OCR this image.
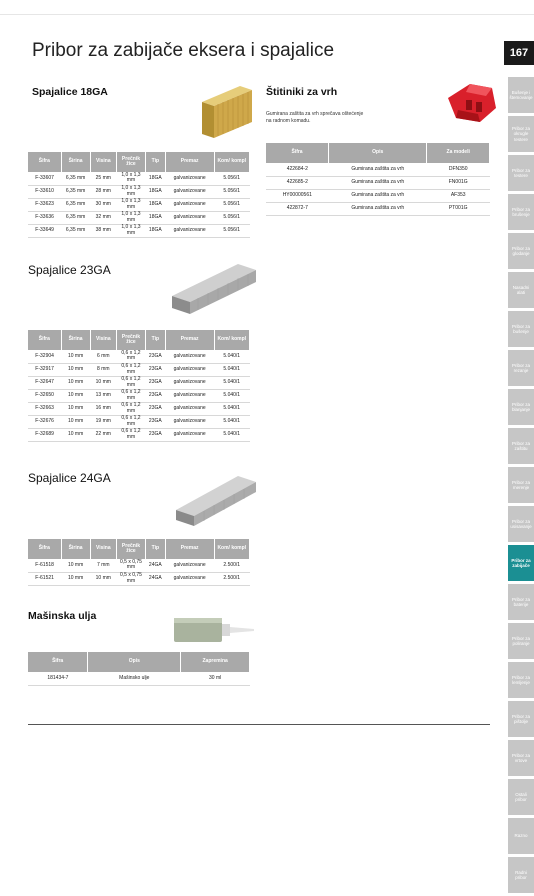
Pribor za zabijače eksera i spajalice	167
Bušenje i štemovanje
Pribor za okrugle testere
Pribor za testere
Pribor za brušenje
Pribor za glodanje
Nasadni alati
Pribor za bušenje
Pribor za rezanje
Pribor za blanjanje
Pribor za zaštitu
Pribor za merenje
Pribor za usisavanje
Pribor za zabijače
Pribor za baterije
Pribor za poliranje
Pribor za lemljenje
Pribor za pištolje
Pribor za vrtove
Ostali pribor
Razno
Radni pribor
Spajalice 18GA
Šifra	Širina	Visina	Prečnik žice	Tip	Premaz	Kom/ kompl
F-33607	6,35 mm	25 mm	1,0 x 1,3 mm	18GA	galvanizovane	5.056/1
F-33610	6,35 mm	28 mm	1,0 x 1,3 mm	18GA	galvanizovane	5.056/1
F-33623	6,35 mm	30 mm	1,0 x 1,3 mm	18GA	galvanizovane	5.056/1
F-33636	6,35 mm	32 mm	1,0 x 1,3 mm	18GA	galvanizovane	5.056/1
F-33649	6,35 mm	38 mm	1,0 x 1,3 mm	18GA	galvanizovane	5.056/1
Štitiniki za vrh
Gumirana zaštita za vrh sprečava oštećenje na radnom komadu.
Šifra	Opis	Za modeli
422684-2	Gumirana zaštita za vrh	DFN350
422685-2	Gumirana zaštita za vrh	FN001G
HY00000561	Gumirana zaštita za vrh	AF353
422872-7	Gumirana zaštita za vrh	PT001G
Spajalice 23GA
Šifra	Širina	Visina	Prečnik žice	Tip	Premaz	Kom/ kompl
F-32904	10 mm	6 mm	0,6 x 1,2 mm	23GA	galvanizovane	5.040/1
F-32917	10 mm	8 mm	0,6 x 1,2 mm	23GA	galvanizovane	5.040/1
F-32647	10 mm	10 mm	0,6 x 1,2 mm	23GA	galvanizovane	5.040/1
F-32650	10 mm	13 mm	0,6 x 1,2 mm	23GA	galvanizovane	5.040/1
F-32663	10 mm	16 mm	0,6 x 1,2 mm	23GA	galvanizovane	5.040/1
F-32676	10 mm	19 mm	0,6 x 1,2 mm	23GA	galvanizovane	5.040/1
F-32689	10 mm	22 mm	0,6 x 1,2 mm	23GA	galvanizovane	5.040/1
Spajalice 24GA
Šifra	Širina	Visina	Prečnik žice	Tip	Premaz	Kom/ kompl
F-61518	10 mm	7 mm	0,5 x 0,75 mm	24GA	galvanizovane	2.500/1
F-61521	10 mm	10 mm	0,5 x 0,75 mm	24GA	galvanizovane	2.500/1
Mašinska ulja
Šifra	Opis	Zapremina
181434-7	Mašinsko ulje	30 ml
